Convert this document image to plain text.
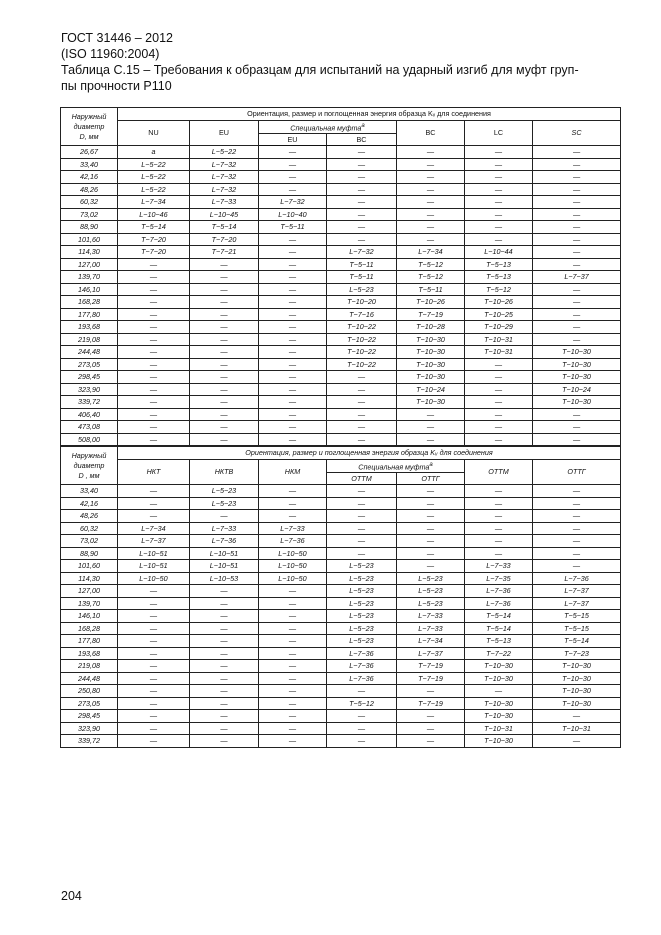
ГОСТ 31446 – 2012
(ISO 11960:2004)
Таблица С.15 – Требования к образцам для испытаний на ударный изгиб для муфт груп-
пы прочности P110
Наружный
диаметр
D, мм	Ориентация, размер и поглощенная энергия образца Kᵥ для соединения						
	NU	EU	Специальная муфта$^a$		BC	LC	SC
			EU	BC			
26,67	a	L−5−22	—	—	—	—	—
33,40	L−5−22	L−7−32	—	—	—	—	—
42,16	L−5−22	L−7−32	—	—	—	—	—
48,26	L−5−22	L−7−32	—	—	—	—	—
60,32	L−7−34	L−7−33	L−7−32	—	—	—	—
73,02	L−10−46	L−10−45	L−10−40	—	—	—	—
88,90	T−5−14	T−5−14	T−5−11	—	—	—	—
101,60	T−7−20	T−7−20	—	—	—	—	—
114,30	T−7−20	T−7−21	—	L−7−32	L−7−34	L−10−44	—
127,00	—	—	—	T−5−11	T−5−12	T−5−13	—
139,70	—	—	—	T−5−11	T−5−12	T−5−13	L−7−37
146,10	—	—	—	L−5−23	T−5−11	T−5−12	—
168,28	—	—	—	T−10−20	T−10−26	T−10−26	—
177,80	—	—	—	T−7−16	T−7−19	T−10−25	—
193,68	—	—	—	T−10−22	T−10−28	T−10−29	—
219,08	—	—	—	T−10−22	T−10−30	T−10−31	—
244,48	—	—	—	T−10−22	T−10−30	T−10−31	T−10−30
273,05	—	—	—	T−10−22	T−10−30	—	T−10−30
298,45	—	—	—	—	T−10−30	—	T−10−30
323,90	—	—	—	—	T−10−24	—	T−10−24
339,72	—	—	—	—	T−10−30	—	T−10−30
406,40	—	—	—	—	—	—	—
473,08	—	—	—	—	—	—	—
508,00	—	—	—	—	—	—	—
Наружный
диаметр
D , мм	Ориентация, размер и поглощенная энергия образца Kᵥ для соединения						
	НКТ	НКТВ	НКМ	Специальная муфта$^a$		ОТТМ	ОТТГ
				ОТТМ	ОТТГ		
33,40	—	L−5−23	—	—	—	—	—
42,16	—	L−5−23	—	—	—	—	—
48,26	—	—	—	—	—	—	—
60,32	L−7−34	L−7−33	L−7−33	—	—	—	—
73,02	L−7−37	L−7−36	L−7−36	—	—	—	—
88,90	L−10−51	L−10−51	L−10−50	—	—	—	—
101,60	L−10−51	L−10−51	L−10−50	L−5−23	—	L−7−33	—
114,30	L−10−50	L−10−53	L−10−50	L−5−23	L−5−23	L−7−35	L−7−36
127,00	—	—	—	L−5−23	L−5−23	L−7−36	L−7−37
139,70	—	—	—	L−5−23	L−5−23	L−7−36	L−7−37
146,10	—	—	—	L−5−23	L−7−33	T−5−14	T−5−15
168,28	—	—	—	L−5−23	L−7−33	T−5−14	T−5−15
177,80	—	—	—	L−5−23	L−7−34	T−5−13	T−5−14
193,68	—	—	—	L−7−36	L−7−37	T−7−22	T−7−23
219,08	—	—	—	L−7−36	T−7−19	T−10−30	T−10−30
244,48	—	—	—	L−7−36	T−7−19	T−10−30	T−10−30
250,80	—	—	—	—	—	—	T−10−30
273,05	—	—	—	T−5−12	T−7−19	T−10−30	T−10−30
298,45	—	—	—	—	—	T−10−30	—
323,90	—	—	—	—	—	T−10−31	T−10−31
339,72	—	—	—	—	—	T−10−30	—
204
